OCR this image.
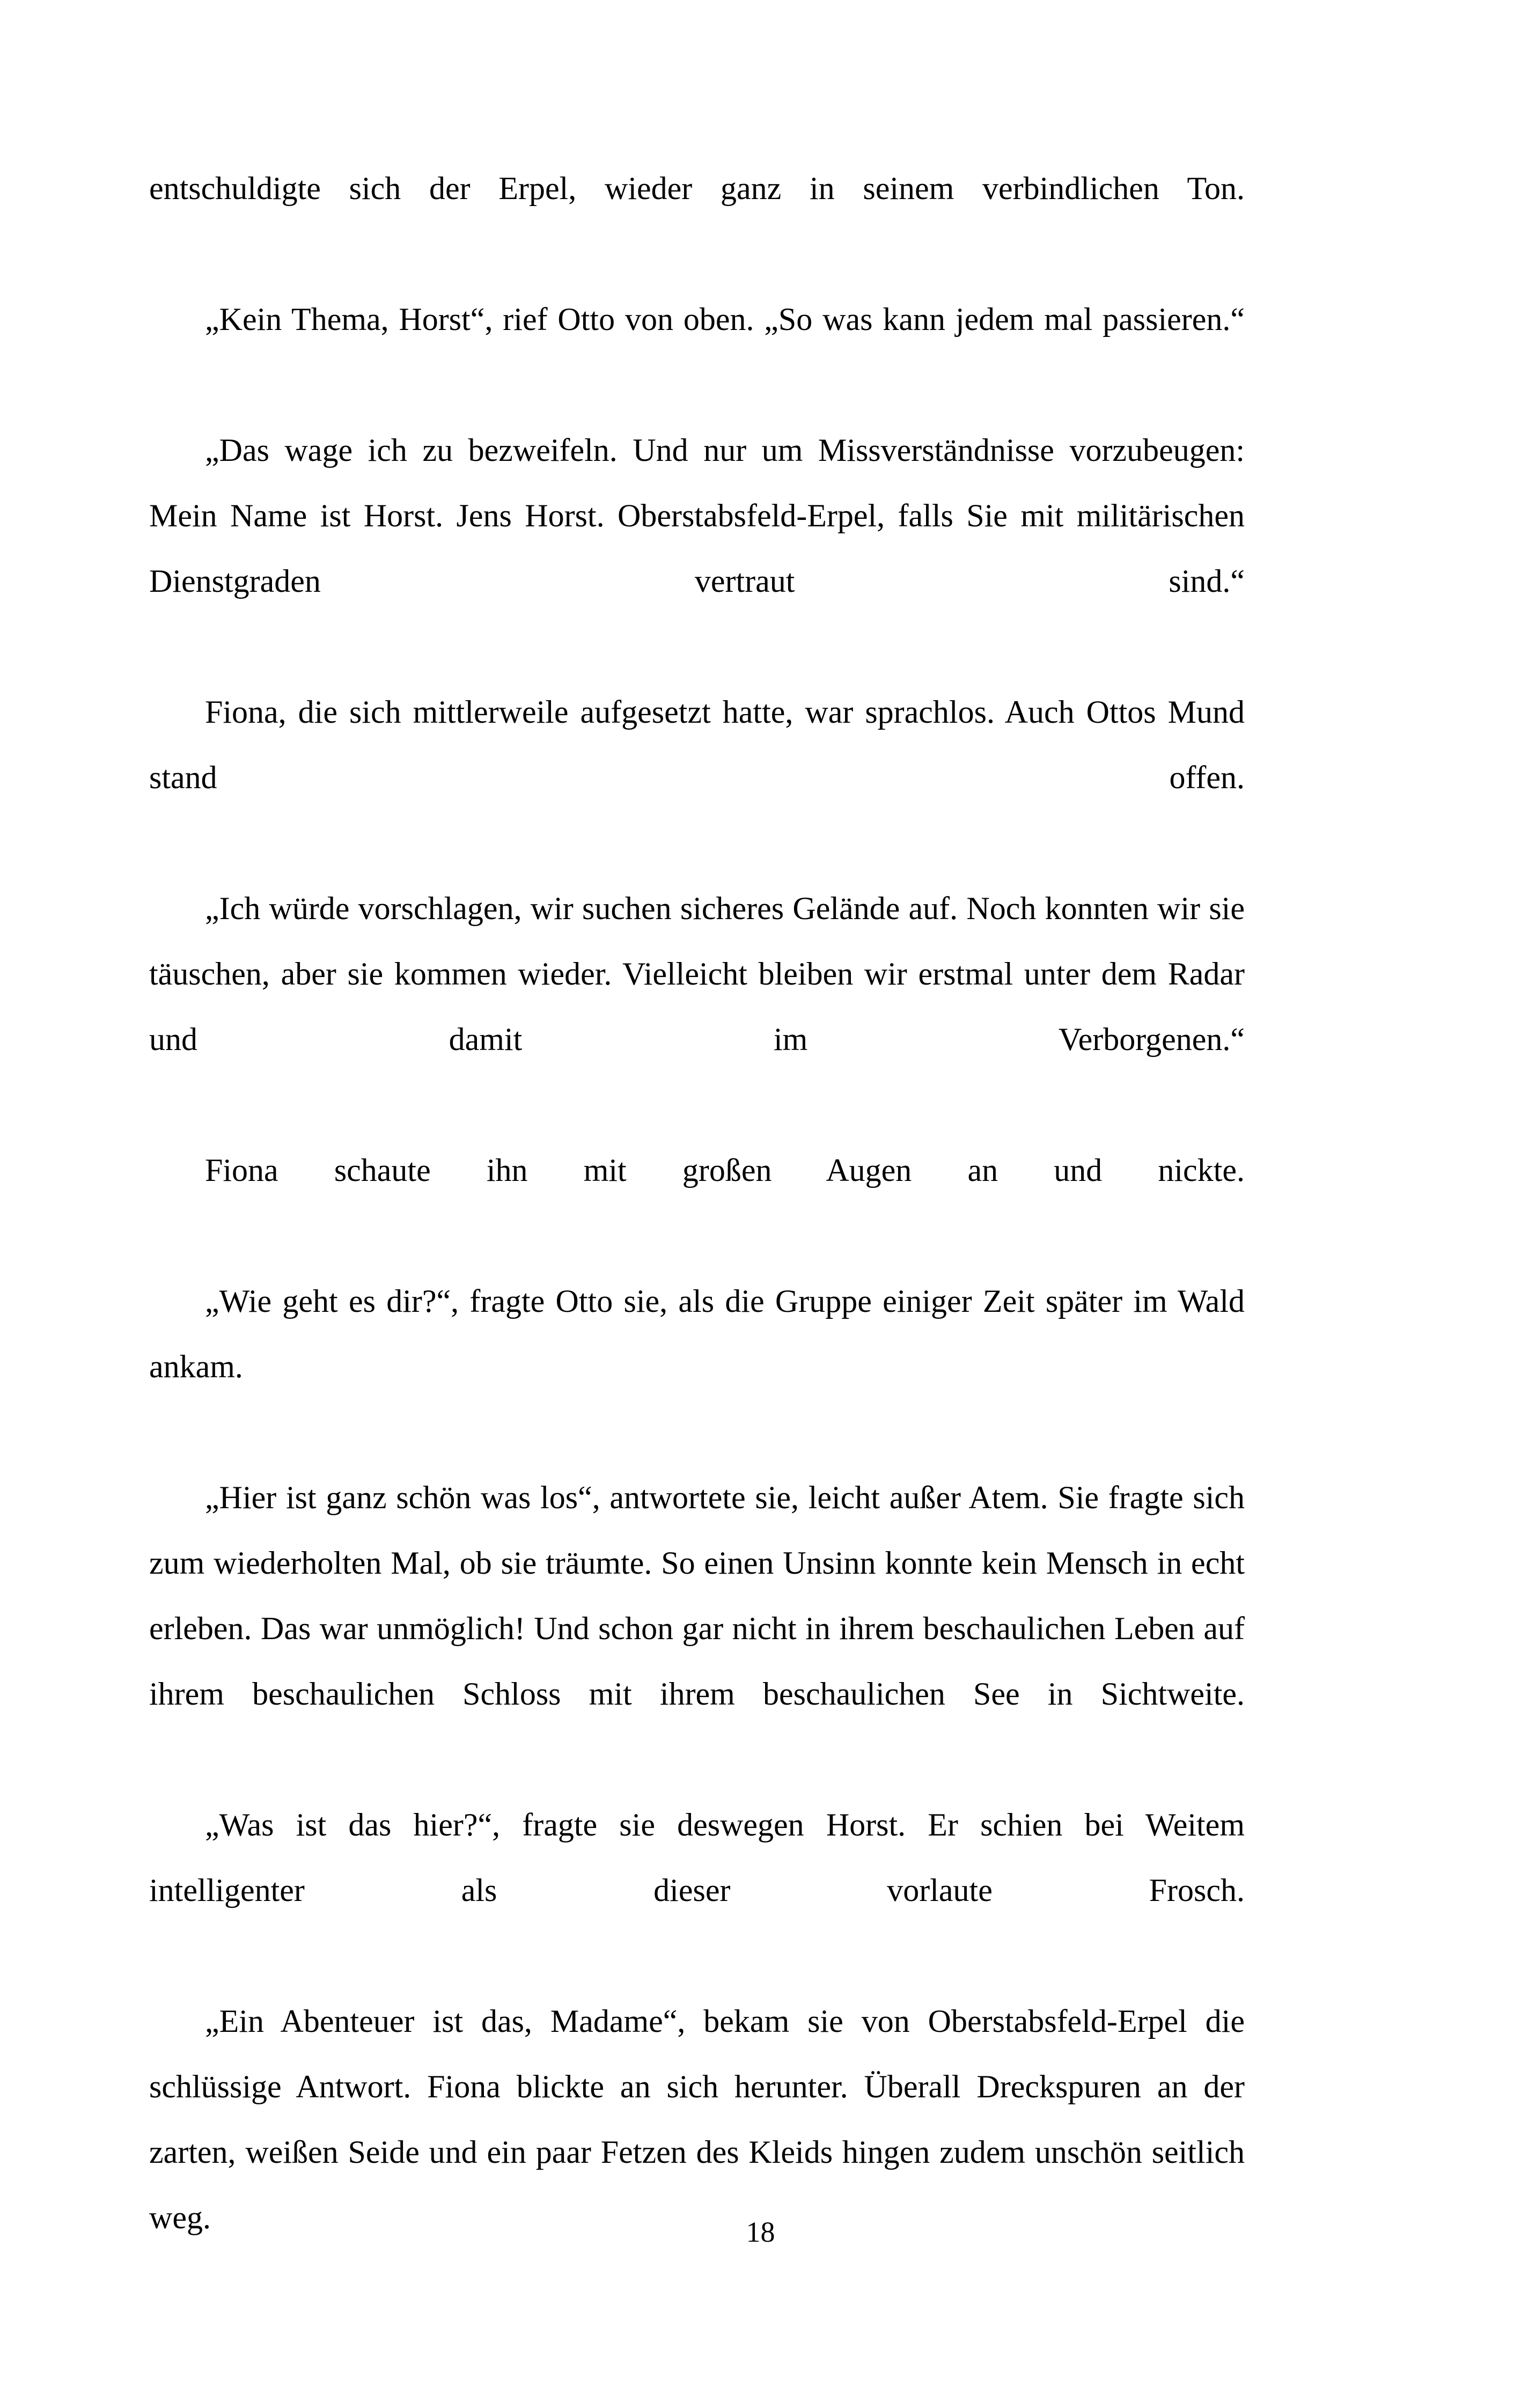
entschuldigte sich der Erpel, wieder ganz in seinem verbindlichen Ton.

„Kein Thema, Horst“, rief Otto von oben. „So was kann jedem mal passieren.“

„Das wage ich zu bezweifeln. Und nur um Missverständnisse vorzubeugen: Mein Name ist Horst. Jens Horst. Oberstabsfeld-Erpel, falls Sie mit militärischen Dienstgraden vertraut sind.“

Fiona, die sich mittlerweile aufgesetzt hatte, war sprachlos. Auch Ottos Mund stand offen.

„Ich würde vorschlagen, wir suchen sicheres Gelände auf. Noch konnten wir sie täuschen, aber sie kommen wieder. Vielleicht bleiben wir erstmal unter dem Radar und damit im Verborgenen.“

Fiona schaute ihn mit großen Augen an und nickte.

„Wie geht es dir?“, fragte Otto sie, als die Gruppe einiger Zeit später im Wald ankam.

„Hier ist ganz schön was los“, antwortete sie, leicht außer Atem. Sie fragte sich zum wiederholten Mal, ob sie träumte. So einen Unsinn konnte kein Mensch in echt erleben. Das war unmöglich! Und schon gar nicht in ihrem beschaulichen Leben auf ihrem beschaulichen Schloss mit ihrem beschaulichen See in Sichtweite.

„Was ist das hier?“, fragte sie deswegen Horst. Er schien bei Weitem intelligenter als dieser vorlaute Frosch.

„Ein Abenteuer ist das, Madame“, bekam sie von Oberstabsfeld-Erpel die schlüssige Antwort. Fiona blickte an sich herunter. Überall Dreckspuren an der zarten, weißen Seide und ein paar Fetzen des Kleids hingen zudem unschön seitlich weg.	18
